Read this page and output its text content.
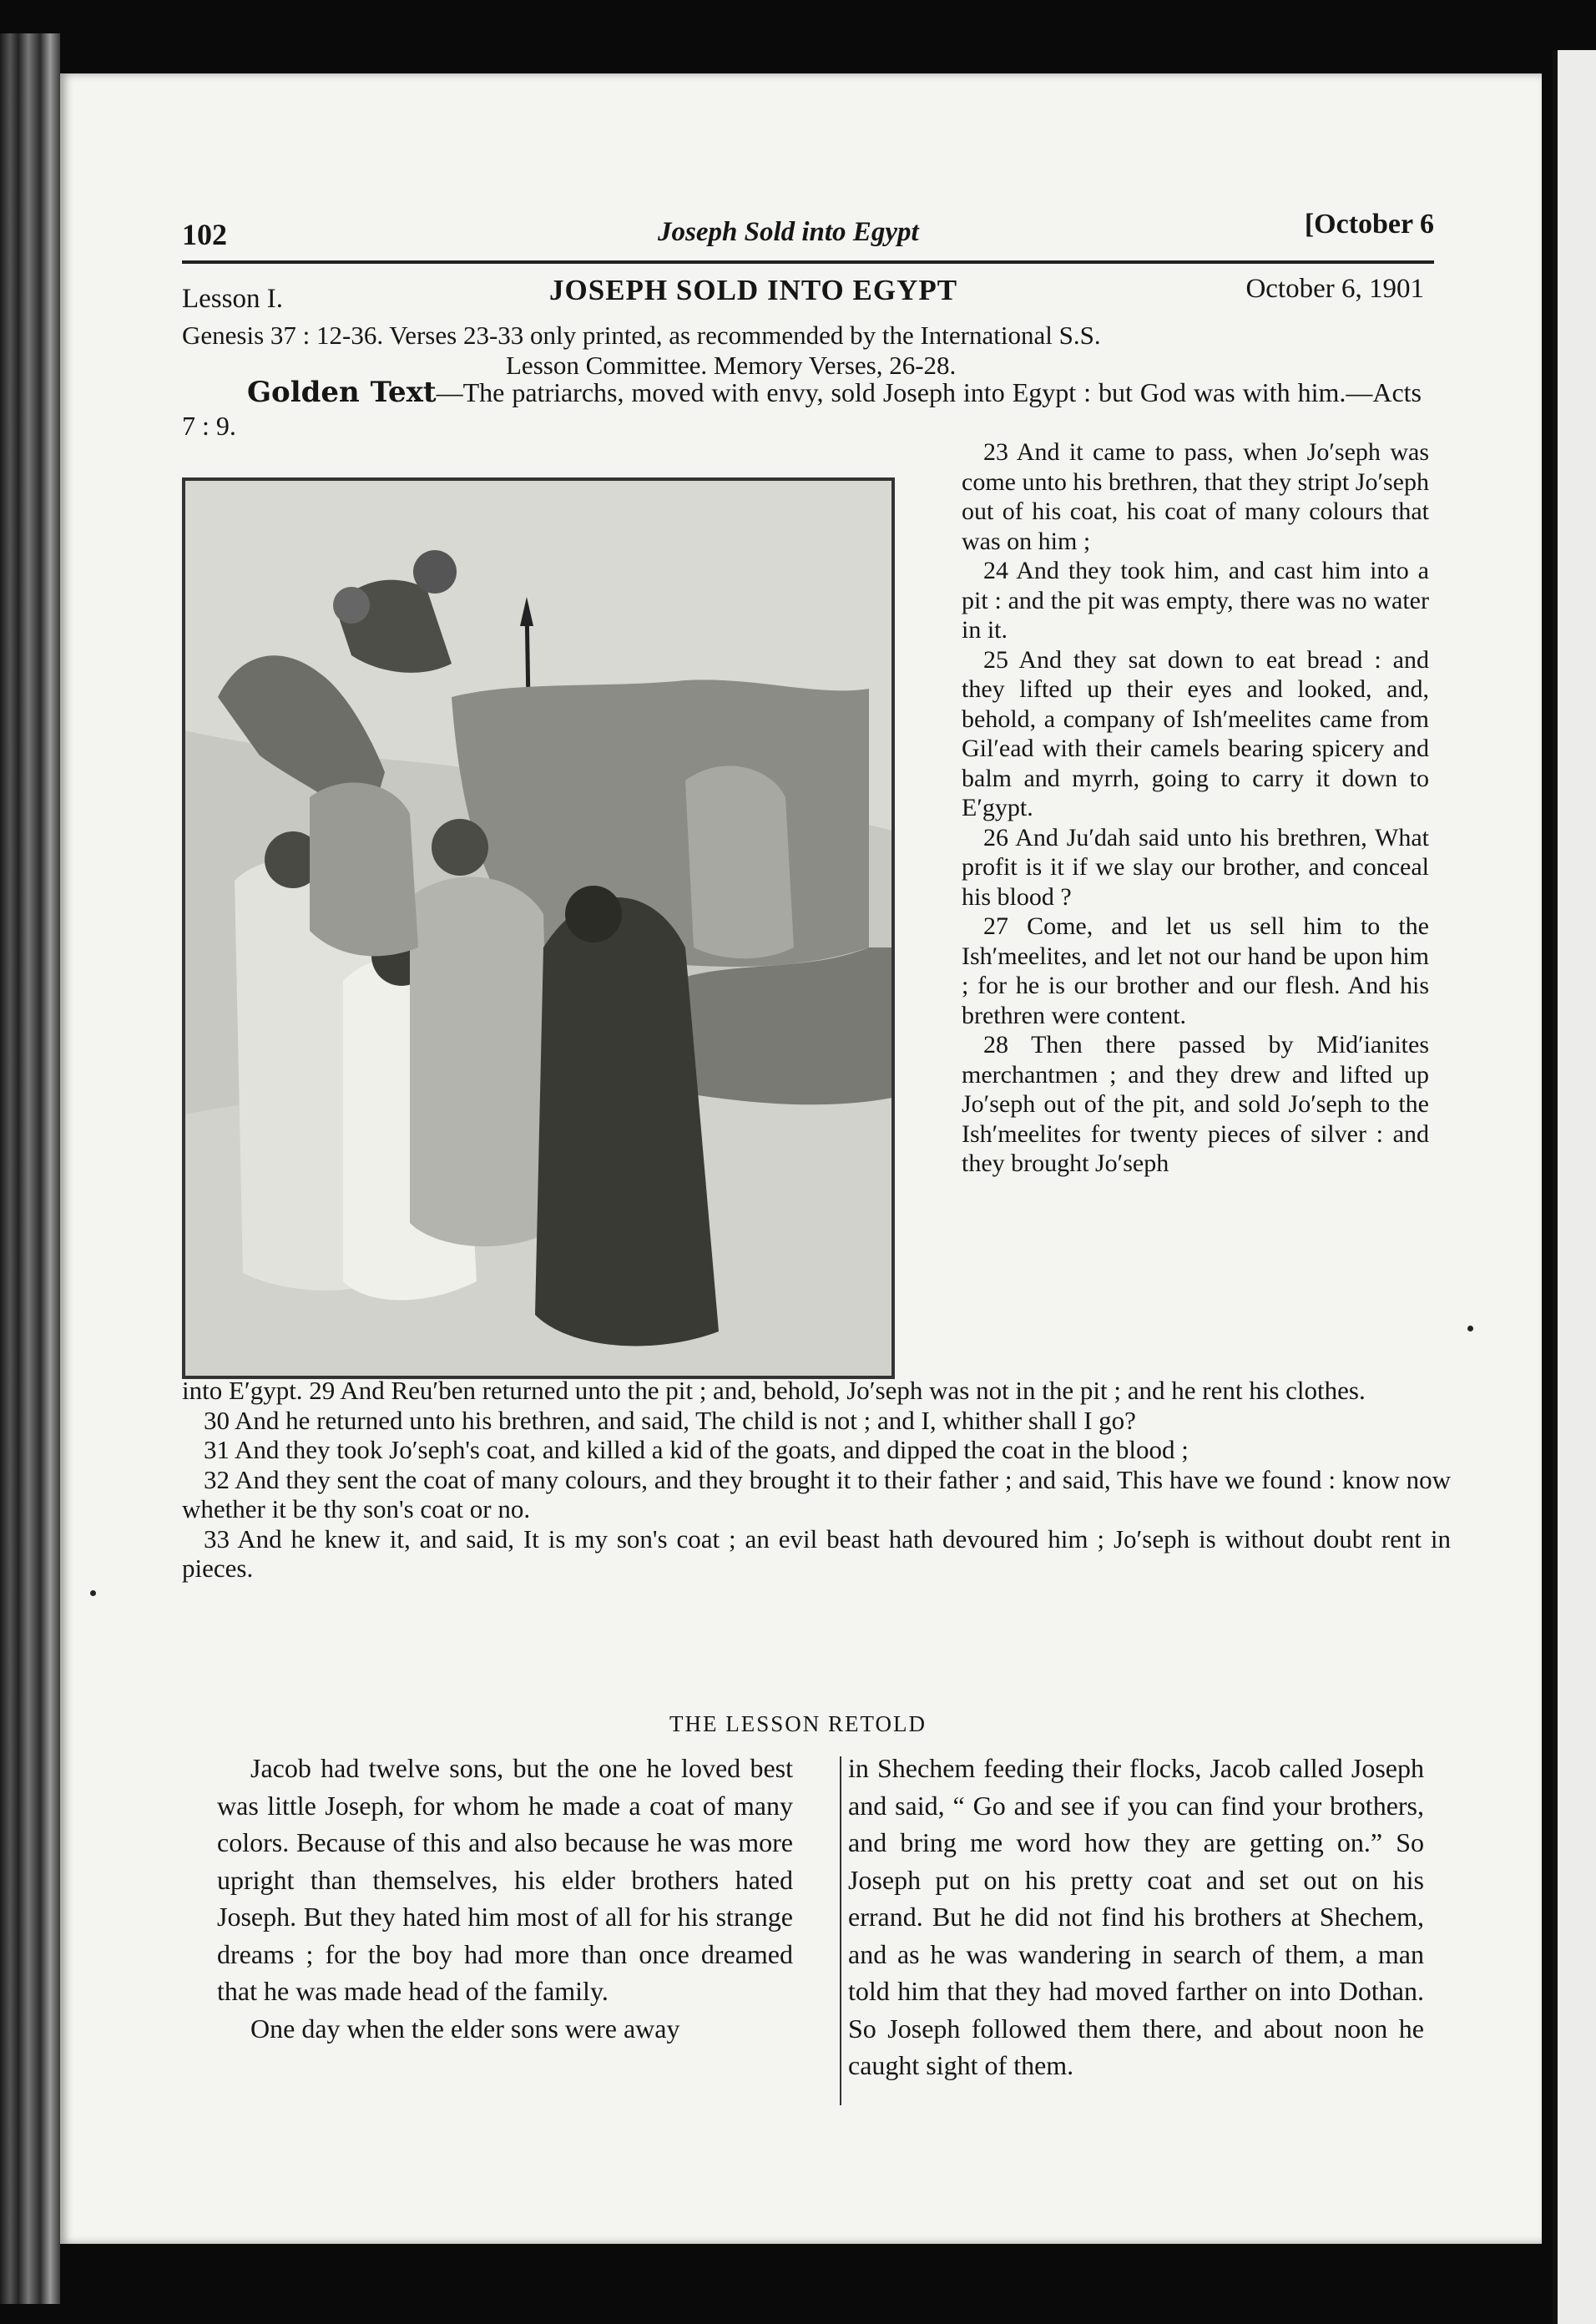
102	Joseph Sold into Egypt	[October 6
Lesson I.	JOSEPH SOLD INTO EGYPT	October 6, 1901
Genesis 37 : 12-36. Verses 23-33 only printed, as recommended by the International S.S.
Lesson Committee. Memory Verses, 26-28.
Golden Text—The patriarchs, moved with envy, sold Joseph into Egypt : but God was with him.—Acts 7 : 9.

23 And it came to pass, when Jo′seph was come unto his brethren, that they stript Jo′seph out of his coat, his coat of many colours that was on him ;

24 And they took him, and cast him into a pit : and the pit was empty, there was no water in it.

25 And they sat down to eat bread : and they lifted up their eyes and looked, and, behold, a company of Ish′meelites came from Gil′ead with their camels bearing spicery and balm and myrrh, going to carry it down to E′gypt.

26 And Ju′dah said unto his brethren, What profit is it if we slay our brother, and conceal his blood ?

27 Come, and let us sell him to the Ish′meelites, and let not our hand be upon him ; for he is our brother and our flesh. And his brethren were content.

28 Then there passed by Mid′ianites merchantmen ; and they drew and lifted up Jo′seph out of the pit, and sold Jo′seph to the Ish′meelites for twenty pieces of silver : and they brought Jo′seph

into E′gypt. 29 And Reu′ben returned unto the pit ; and, behold, Jo′seph was not in the pit ; and he rent his clothes.

30 And he returned unto his brethren, and said, The child is not ; and I, whither shall I go?

31 And they took Jo′seph's coat, and killed a kid of the goats, and dipped the coat in the blood ;

32 And they sent the coat of many colours, and they brought it to their father ; and said, This have we found : know now whether it be thy son's coat or no.

33 And he knew it, and said, It is my son's coat ; an evil beast hath devoured him ; Jo′seph is without doubt rent in pieces.

THE LESSON RETOLD

Jacob had twelve sons, but the one he loved best was little Joseph, for whom he made a coat of many colors. Because of this and also because he was more upright than themselves, his elder brothers hated Joseph. But they hated him most of all for his strange dreams ; for the boy had more than once dreamed that he was made head of the family.

One day when the elder sons were away

in Shechem feeding their flocks, Jacob called Joseph and said, “ Go and see if you can find your brothers, and bring me word how they are getting on.” So Joseph put on his pretty coat and set out on his errand. But he did not find his brothers at Shechem, and as he was wandering in search of them, a man told him that they had moved farther on into Dothan. So Joseph followed them there, and about noon he caught sight of them.
